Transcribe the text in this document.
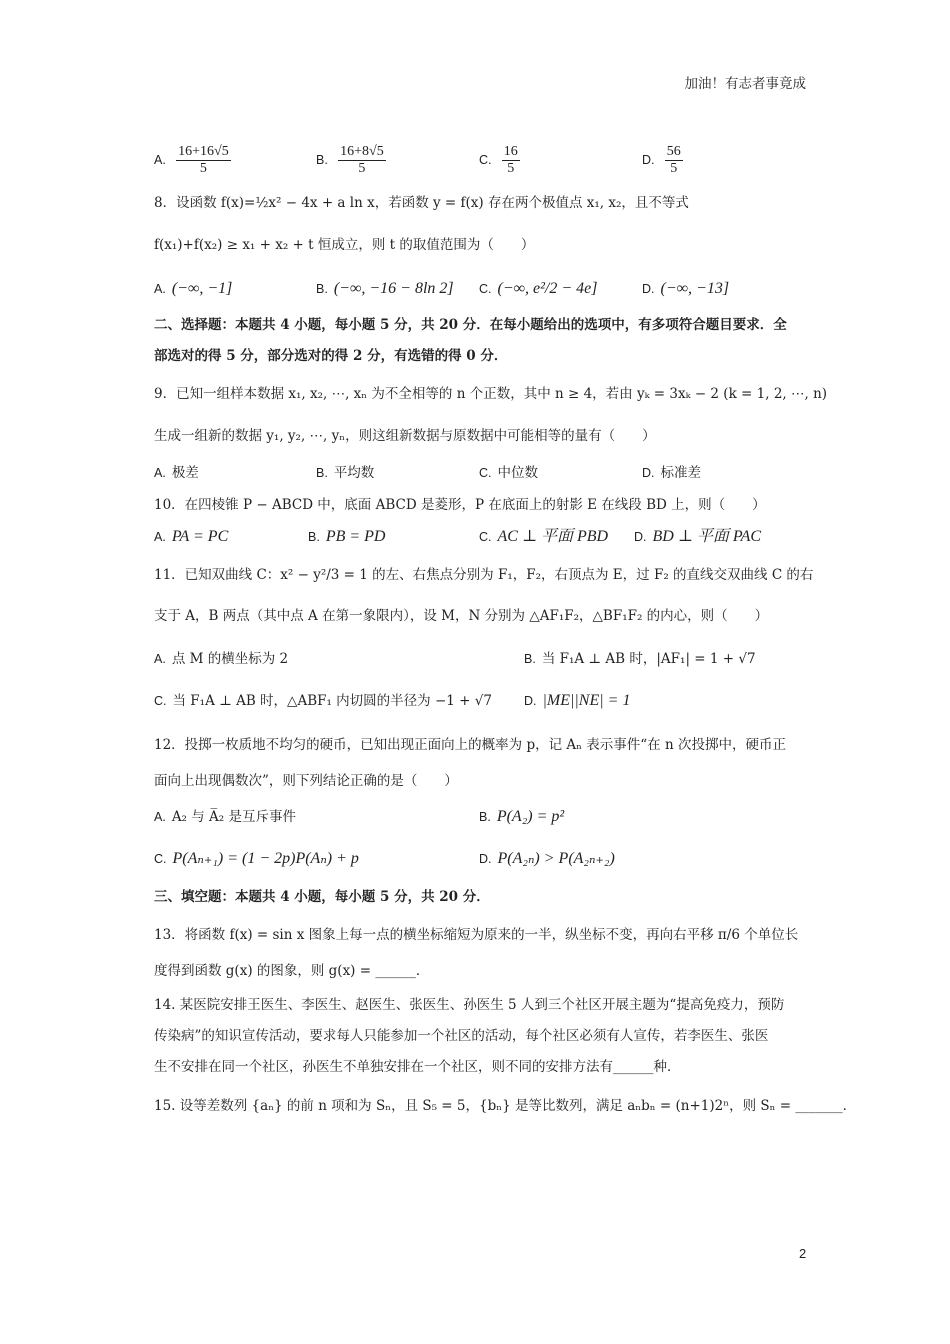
加油！有志者事竟成
A. $\frac{16+16√5}{5}$	B. $\frac{16+8√5}{5}$	C. $\frac{16}{5}$	D. $\frac{56}{5}$
8．设函数 f(x)=½x² − 4x + a ln x，若函数 y = f(x) 存在两个极值点 x₁, x₂，且不等式
f(x₁)+f(x₂) ≥ x₁ + x₂ + t 恒成立，则 t 的取值范围为（　　）
A. (−∞, −1]	B. (−∞, −16 − 8ln 2] C. (−∞, e²/2 − 4e]	D. (−∞, −13]
二、选择题：本题共 4 小题，每小题 5 分，共 20 分．在每小题给出的选项中，有多项符合题目要求．全
部选对的得 5 分，部分选对的得 2 分，有选错的得 0 分．
9．已知一组样本数据 x₁, x₂, ⋯, xₙ 为不全相等的 n 个正数，其中 n ≥ 4，若由 yₖ = 3xₖ − 2 (k = 1, 2, ⋯, n)
生成一组新的数据 y₁, y₂, ⋯, yₙ，则这组新数据与原数据中可能相等的量有（　　）
A. 极差	B. 平均数	C. 中位数	D. 标准差
10．在四棱锥 P − ABCD 中，底面 ABCD 是菱形，P 在底面上的射影 E 在线段 BD 上，则（　　）
A. PA = PC	B. PB = PD	C. AC ⊥ 平面 PBD D. BD ⊥ 平面 PAC
11．已知双曲线 C：x² − y²/3 = 1 的左、右焦点分别为 F₁，F₂，右顶点为 E，过 F₂ 的直线交双曲线 C 的右
支于 A，B 两点（其中点 A 在第一象限内），设 M，N 分别为 △AF₁F₂，△BF₁F₂ 的内心，则（　　）
A. 点 M 的横坐标为 2	B. 当 F₁A ⊥ AB 时，|AF₁| = 1 + √7
C. 当 F₁A ⊥ AB 时，△ABF₁ 内切圆的半径为 −1 + √7	D. |ME||NE| = 1
12．投掷一枚质地不均匀的硬币，已知出现正面向上的概率为 p，记 Aₙ 表示事件“在 n 次投掷中，硬币正
面向上出现偶数次”，则下列结论正确的是（　　）
A. A₂ 与 A̅₂ 是互斥事件	B. P(A₂) = p²
C. P(Aₙ₊₁) = (1 − 2p)P(Aₙ) + p	D. P(A₂ₙ) > P(A₂ₙ₊₂)
三、填空题：本题共 4 小题，每小题 5 分，共 20 分．
13．将函数 f(x) = sin x 图象上每一点的横坐标缩短为原来的一半，纵坐标不变，再向右平移 π/6 个单位长
度得到函数 g(x) 的图象，则 g(x) = ______．
14. 某医院安排王医生、李医生、赵医生、张医生、孙医生 5 人到三个社区开展主题为“提高免疫力，预防
传染病”的知识宣传活动，要求每人只能参加一个社区的活动，每个社区必须有人宣传，若李医生、张医
生不安排在同一个社区，孙医生不单独安排在一个社区，则不同的安排方法有______种．
15. 设等差数列 {aₙ} 的前 n 项和为 Sₙ，且 S₅ = 5，{bₙ} 是等比数列，满足 aₙbₙ = (n+1)2ⁿ，则 Sₙ = _______．
2
